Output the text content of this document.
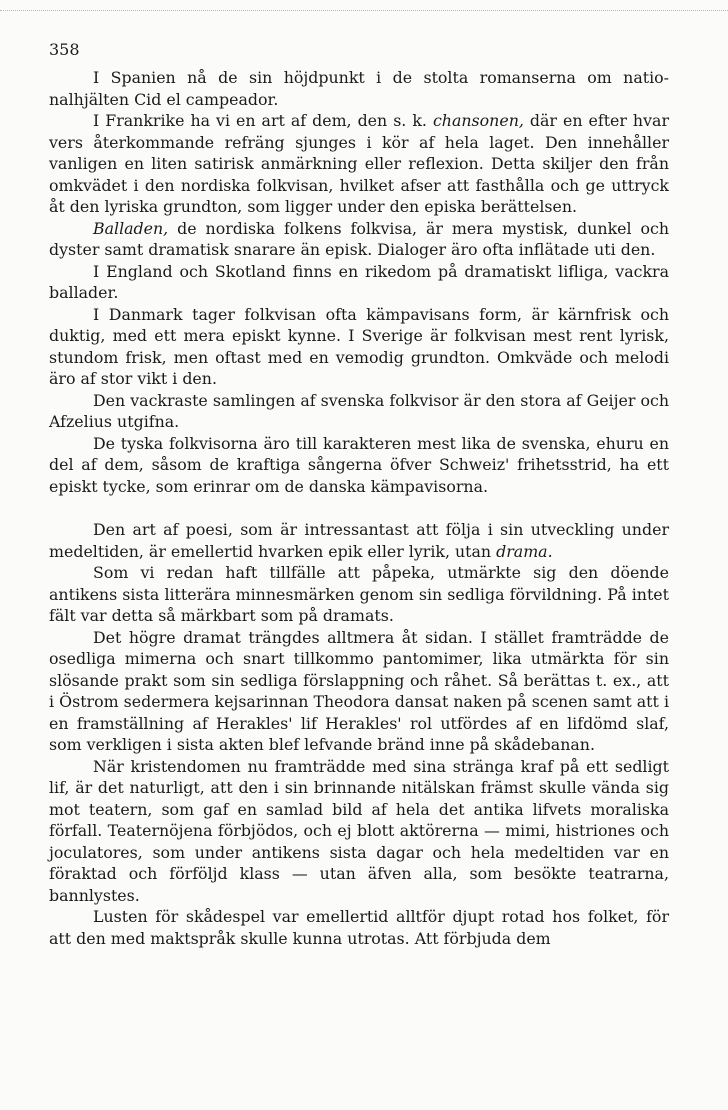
358

I Spanien nå de sin höjdpunkt i de stolta romanserna om nationalhjälten Cid el campeador.

I Frankrike ha vi en art af dem, den s. k. chansonen, där en efter hvar vers återkommande refräng sjunges i kör af hela laget. Den innehåller vanligen en liten satirisk anmärkning eller reflexion. Detta skiljer den från omkvädet i den nordiska folkvisan, hvilket afser att fasthålla och ge uttryck åt den lyriska grundton, som ligger under den episka berättelsen.

Balladen, de nordiska folkens folkvisa, är mera mystisk, dunkel och dyster samt dramatisk snarare än episk. Dialoger äro ofta inflätade uti den.

I England och Skotland finns en rikedom på dramatiskt lifliga, vackra ballader.

I Danmark tager folkvisan ofta kämpavisans form, är kärnfrisk och duktig, med ett mera episkt kynne. I Sverige är folkvisan mest rent lyrisk, stundom frisk, men oftast med en vemodig grundton. Omkväde och melodi äro af stor vikt i den.

Den vackraste samlingen af svenska folkvisor är den stora af Geijer och Afzelius utgifna.

De tyska folkvisorna äro till karakteren mest lika de svenska, ehuru en del af dem, såsom de kraftiga sångerna öfver Schweiz' frihetsstrid, ha ett episkt tycke, som erinrar om de danska kämpavisorna.

Den art af poesi, som är intressantast att följa i sin utveckling under medeltiden, är emellertid hvarken epik eller lyrik, utan drama.

Som vi redan haft tillfälle att påpeka, utmärkte sig den döende antikens sista litterära minnesmärken genom sin sedliga förvildning. På intet fält var detta så märkbart som på dramats.

Det högre dramat trängdes alltmera åt sidan. I stället framträdde de osedliga mimerna och snart tillkommo pantomimer, lika utmärkta för sin slösande prakt som sin sedliga förslappning och råhet. Så berättas t. ex., att i Östrom sedermera kejsarinnan Theodora dansat naken på scenen samt att i en framställning af Herakles' lif Herakles' rol utfördes af en lifdömd slaf, som verkligen i sista akten blef lefvande bränd inne på skådebanan.

När kristendomen nu framträdde med sina stränga kraf på ett sedligt lif, är det naturligt, att den i sin brinnande nitälskan främst skulle vända sig mot teatern, som gaf en samlad bild af hela det antika lifvets moraliska förfall. Teaternöjena förbjödos, och ej blott aktörerna — mimi, histriones och joculatores, som under antikens sista dagar och hela medeltiden var en föraktad och förföljd klass — utan äfven alla, som besökte teatrarna, bannlystes.

Lusten för skådespel var emellertid alltför djupt rotad hos folket, för att den med maktspråk skulle kunna utrotas. Att förbjuda dem
